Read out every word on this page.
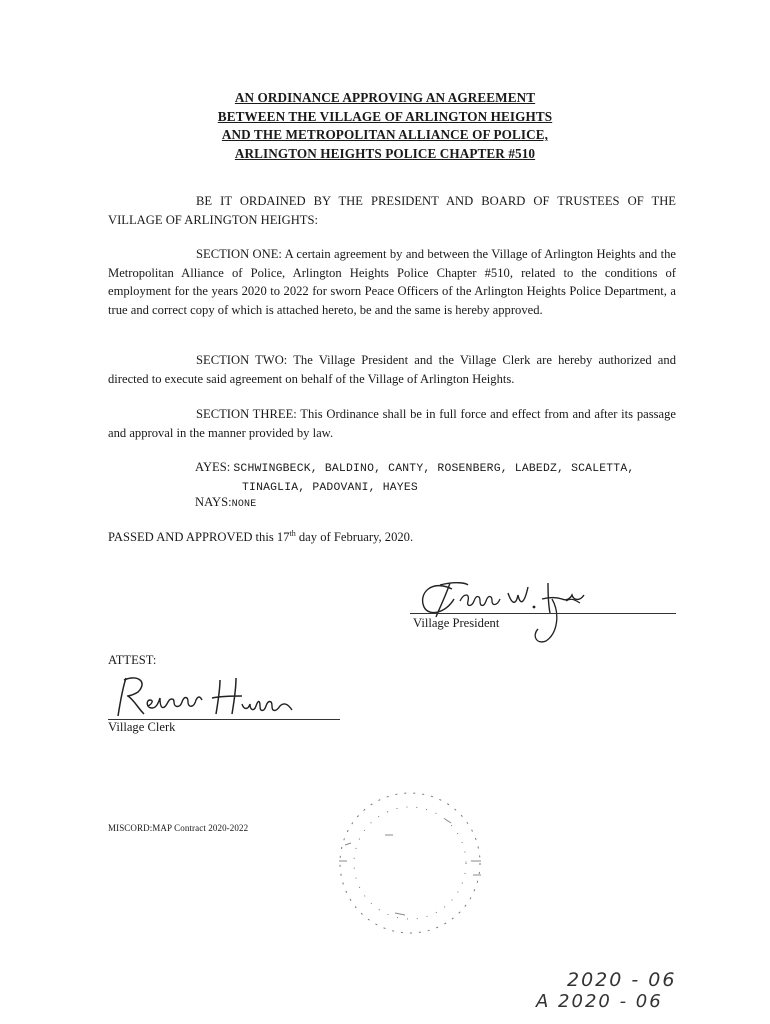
AN ORDINANCE APPROVING AN AGREEMENT
BETWEEN THE VILLAGE OF ARLINGTON HEIGHTS
AND THE METROPOLITAN ALLIANCE OF POLICE,
ARLINGTON HEIGHTS POLICE CHAPTER #510
BE IT ORDAINED BY THE PRESIDENT AND BOARD OF TRUSTEES OF THE VILLAGE OF ARLINGTON HEIGHTS:
SECTION ONE: A certain agreement by and between the Village of Arlington Heights and the Metropolitan Alliance of Police, Arlington Heights Police Chapter #510, related to the conditions of employment for the years 2020 to 2022 for sworn Peace Officers of the Arlington Heights Police Department, a true and correct copy of which is attached hereto, be and the same is hereby approved.
SECTION TWO: The Village President and the Village Clerk are hereby authorized and directed to execute said agreement on behalf of the Village of Arlington Heights.
SECTION THREE: This Ordinance shall be in full force and effect from and after its passage and approval in the manner provided by law.
AYES: SCHWINGBECK, BALDINO, CANTY, ROSENBERG, LABEDZ, SCALETTA,
TINAGLIA, PADOVANI, HAYES
NAYS:NONE
PASSED AND APPROVED this 17th day of February, 2020.
Village President
ATTEST:
Village Clerk
MISCORD:MAP Contract 2020-2022
2020 - 06
A 2020 - 06
